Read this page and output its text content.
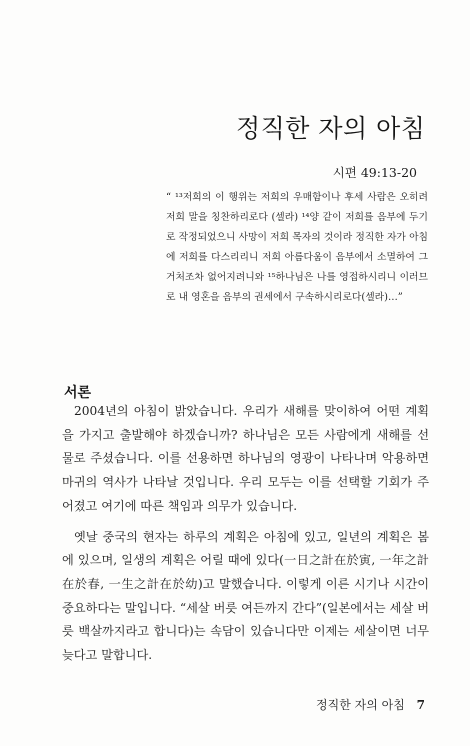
정직한 자의 아침
시편 49:13-20

“ ¹³저희의 이 행위는 저희의 우매함이나 후세 사람은 오히려 저희 말을 칭찬하리로다 (셀라) ¹⁴양 같이 저희를 음부에 두기로 작정되었으니 사망이 저희 목자의 것이라 정직한 자가 아침에 저희를 다스리리니 저희 아름다움이 음부에서 소멸하여 그 거처조차 없어지려니와 ¹⁵하나님은 나를 영접하시리니 이러므로 내 영혼을 음부의 권세에서 구속하시리로다(셀라)…”

서론

2004년의 아침이 밝았습니다. 우리가 새해를 맞이하여 어떤 계획을 가지고 출발해야 하겠습니까? 하나님은 모든 사람에게 새해를 선물로 주셨습니다. 이를 선용하면 하나님의 영광이 나타나며 악용하면 마귀의 역사가 나타날 것입니다. 우리 모두는 이를 선택할 기회가 주어졌고 여기에 따른 책임과 의무가 있습니다.

옛날 중국의 현자는 하루의 계획은 아침에 있고, 일년의 계획은 봄에 있으며, 일생의 계획은 어릴 때에 있다(一日之計在於寅, 一年之計在於春, 一生之計在於幼)고 말했습니다. 이렇게 이른 시기나 시간이 중요하다는 말입니다. “세살 버릇 여든까지 간다”(일본에서는 세살 버릇 백살까지라고 합니다)는 속담이 있습니다만 이제는 세살이면 너무 늦다고 말합니다.

정직한 자의 아침 7
